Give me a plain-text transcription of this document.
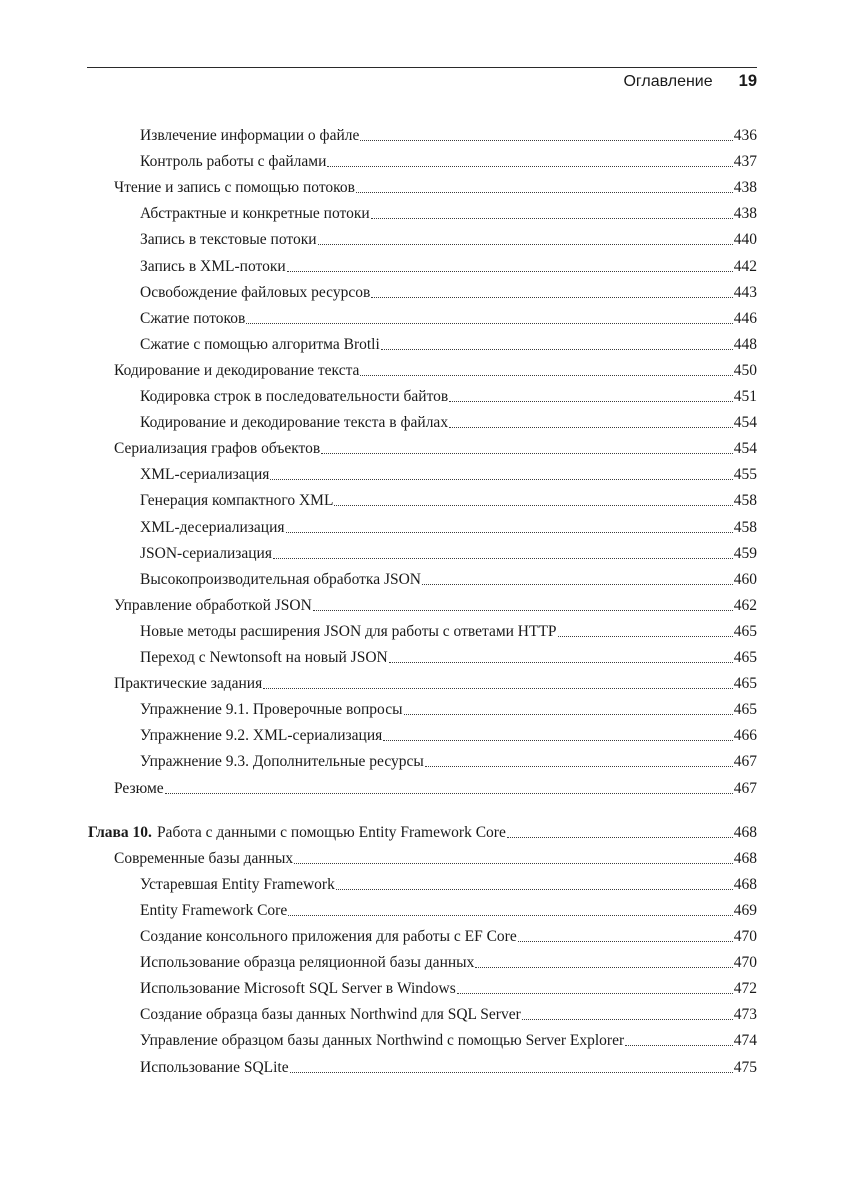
Оглавление 19
Извлечение информации о файле	436
Контроль работы с файлами	437
Чтение и запись с помощью потоков	438
Абстрактные и конкретные потоки	438
Запись в текстовые потоки	440
Запись в XML-потоки	442
Освобождение файловых ресурсов	443
Сжатие потоков	446
Сжатие с помощью алгоритма Brotli	448
Кодирование и декодирование текста	450
Кодировка строк в последовательности байтов	451
Кодирование и декодирование текста в файлах	454
Сериализация графов объектов	454
XML-сериализация	455
Генерация компактного XML	458
XML-десериализация	458
JSON-сериализация	459
Высокопроизводительная обработка JSON	460
Управление обработкой JSON	462
Новые методы расширения JSON для работы с ответами HTTP	465
Переход с Newtonsoft на новый JSON	465
Практические задания	465
Упражнение 9.1. Проверочные вопросы	465
Упражнение 9.2. XML-сериализация	466
Упражнение 9.3. Дополнительные ресурсы	467
Резюме	467
Глава 10. Работа с данными с помощью Entity Framework Core	468
Современные базы данных	468
Устаревшая Entity Framework	468
Entity Framework Core	469
Создание консольного приложения для работы с EF Core	470
Использование образца реляционной базы данных	470
Использование Microsoft SQL Server в Windows	472
Создание образца базы данных Northwind для SQL Server	473
Управление образцом базы данных Northwind с помощью Server Explorer	474
Использование SQLite	475
